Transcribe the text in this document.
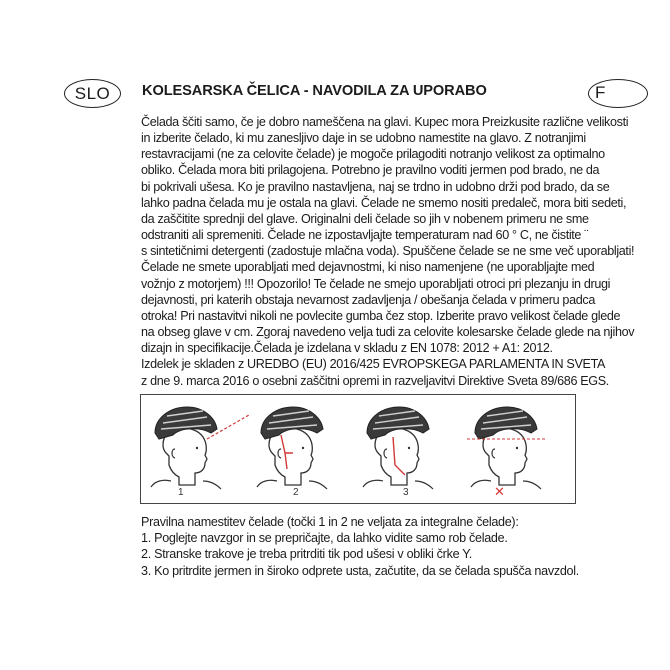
SLO	F
KOLESARSKA ČELICA - NAVODILA ZA UPORABO

Čelada ščiti samo, če je dobro nameščena na glavi. Kupec mora Preizkusite različne velikosti
in izberite čelado, ki mu zanesljivo daje in se udobno namestite na glavo. Z notranjimi
restavracijami (ne za celovite čelade) je mogoče prilagoditi notranjo velikost za optimalno
obliko. Čelada mora biti prilagojena. Potrebno je pravilno voditi jermen pod brado, ne da
bi pokrivali ušesa. Ko je pravilno nastavljena, naj se trdno in udobno drži pod brado, da se
lahko padna čelada mu je ostala na glavi. Čelade ne smemo nositi predaleč, mora biti sedeti,
da zaščitite sprednji del glave. Originalni deli čelade so jih v nobenem primeru ne sme
odstraniti ali spremeniti. Čelade ne izpostavljajte temperaturam nad 60 ° C, ne čistite ¨
s sintetičnimi detergenti (zadostuje mlačna voda). Spuščene čelade se ne sme več uporabljati!
Čelade ne smete uporabljati med dejavnostmi, ki niso namenjene (ne uporabljajte med
vožnjo z motorjem) !!! Opozorilo! Te čelade ne smejo uporabljati otroci pri plezanju in drugi
dejavnosti, pri katerih obstaja nevarnost zadavljenja / obešanja čelada v primeru padca
otroka! Pri nastavitvi nikoli ne povlecite gumba čez stop. Izberite pravo velikost čelade glede
na obseg glave v cm. Zgoraj navedeno velja tudi za celovite kolesarske čelade glede na njihov
dizajn in specifikacije.Čelada je izdelana v skladu z EN 1078: 2012 + A1: 2012.
Izdelek je skladen z UREDBO (EU) 2016/425 EVROPSKEGA PARLAMENTA IN SVETA
z dne 9. marca 2016 o osebni zaščitni opremi in razveljavitvi Direktive Sveta 89/686 EGS.

1	2	3	✕

Pravilna namestitev čelade (točki 1 in 2 ne veljata za integralne čelade):
1. Poglejte navzgor in se prepričajte, da lahko vidite samo rob čelade.
2. Stranske trakove je treba pritrditi tik pod ušesi v obliki črke Y.
3. Ko pritrdite jermen in široko odprete usta, začutite, da se čelada spušča navzdol.
